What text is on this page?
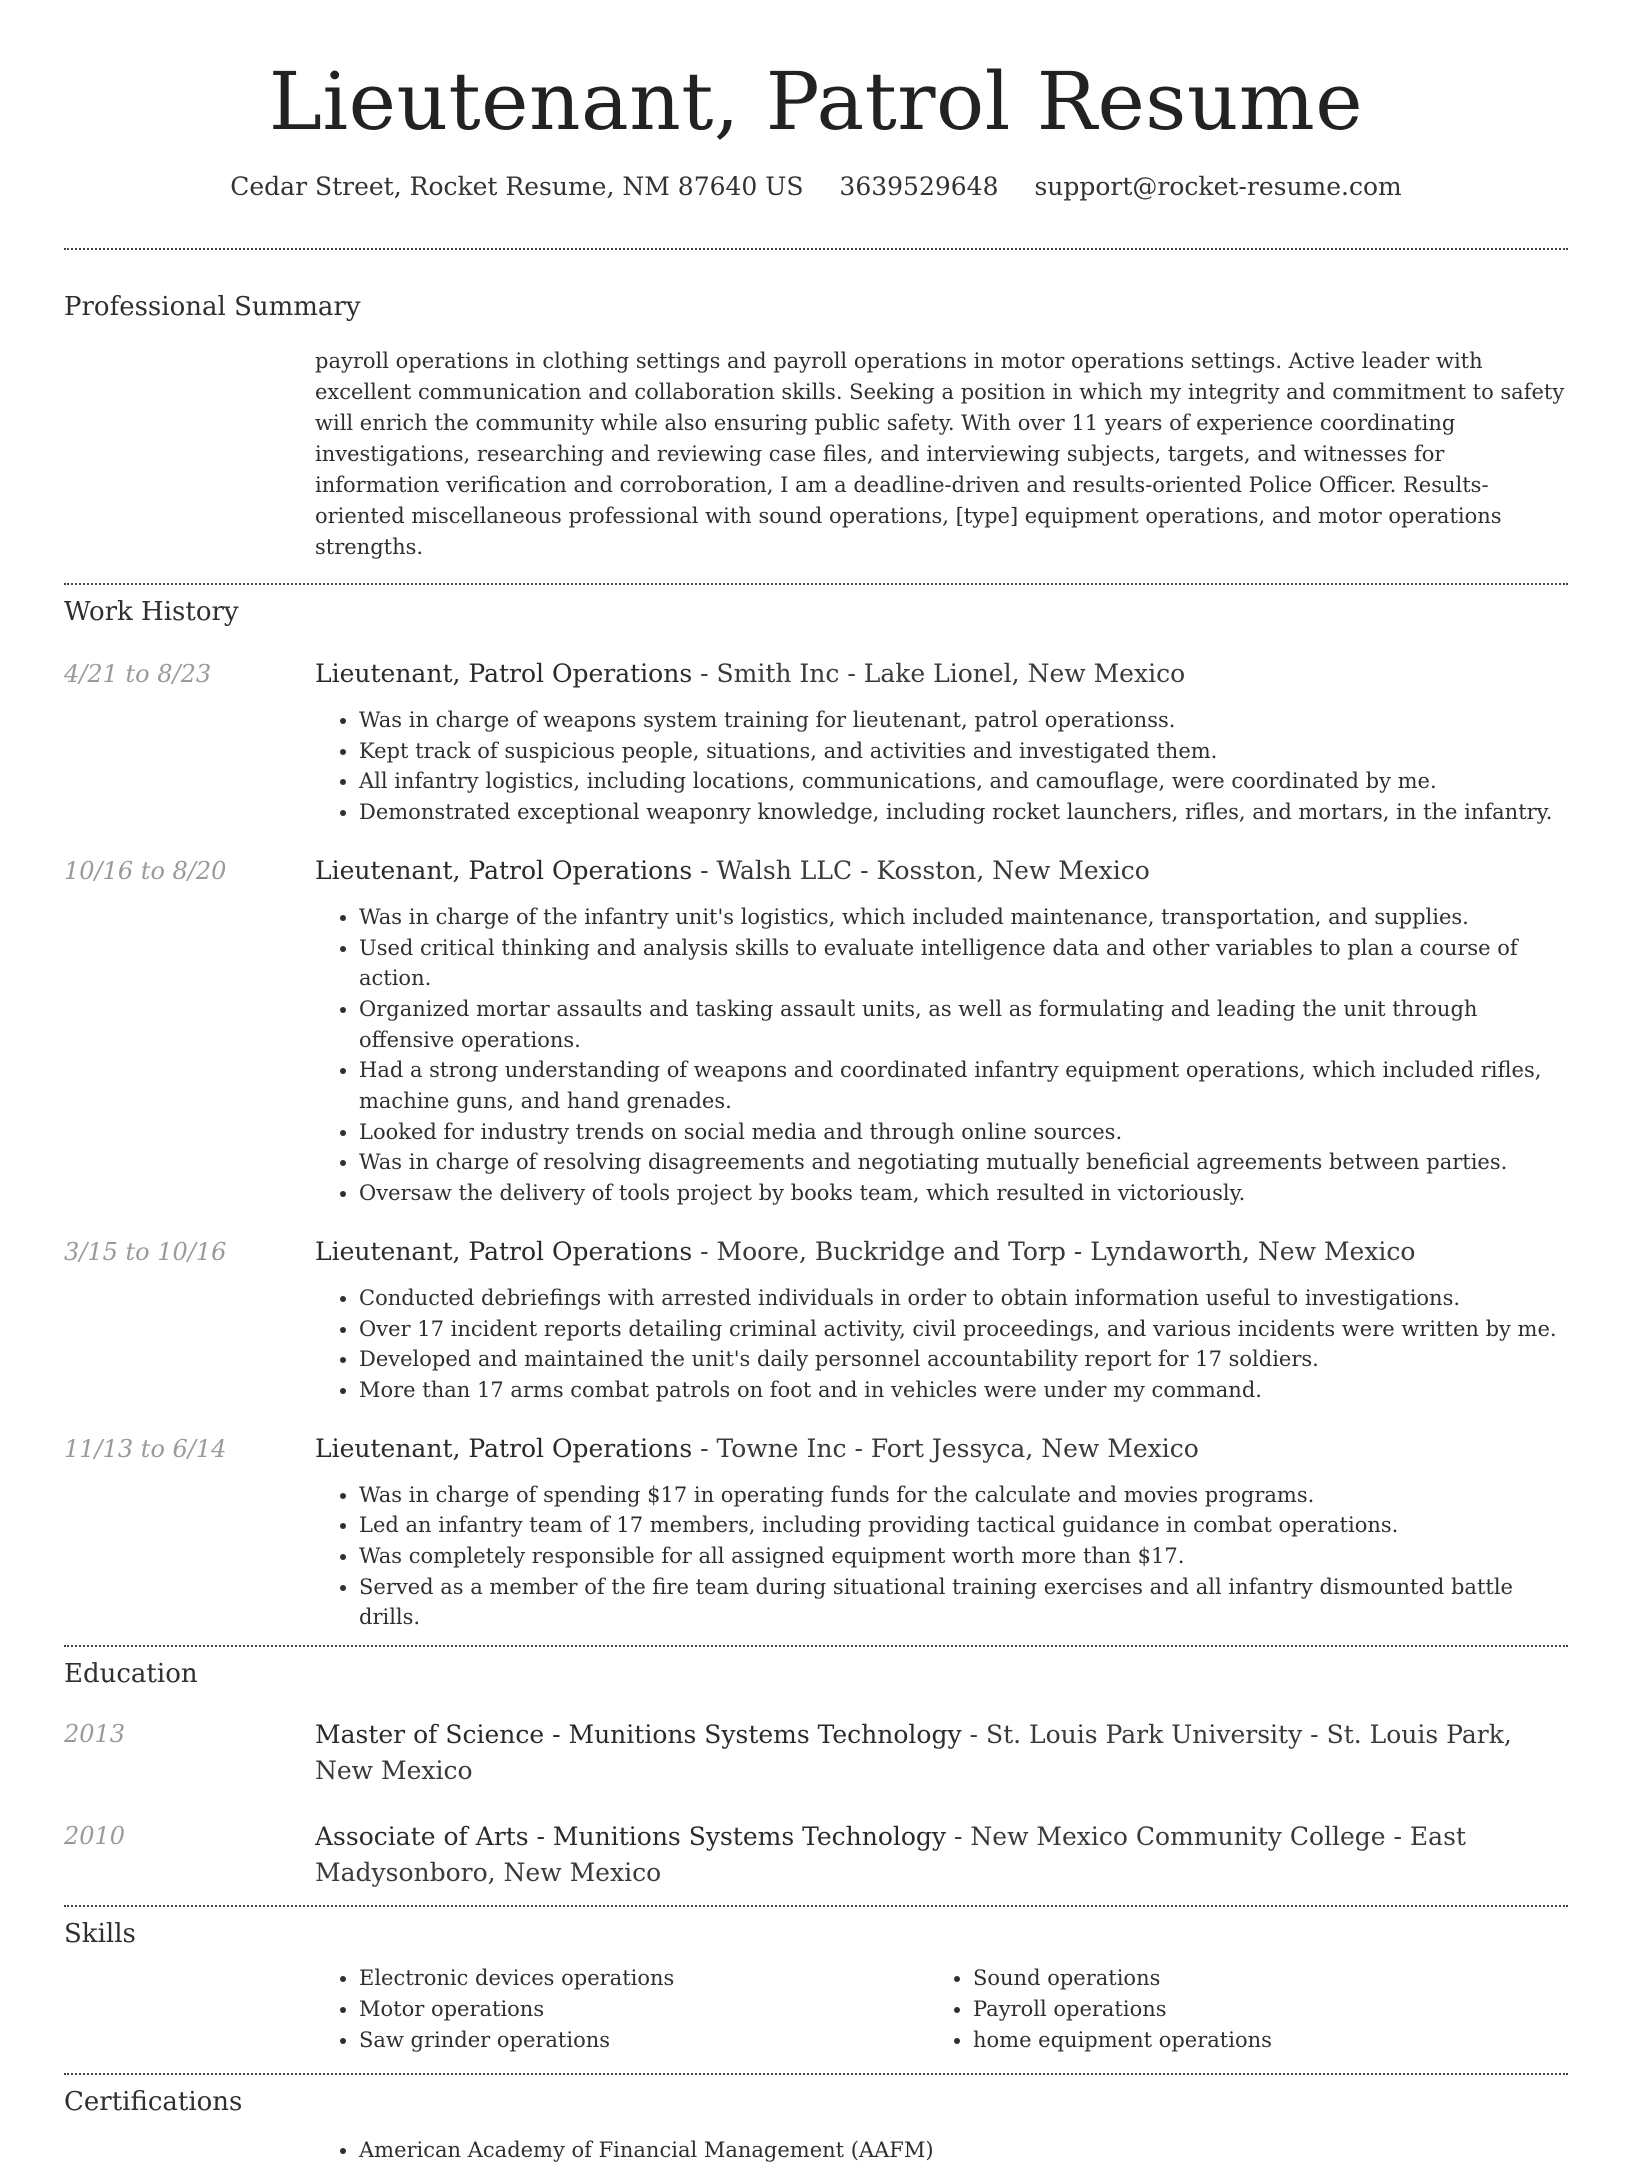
Lieutenant, Patrol Resume
Cedar Street, Rocket Resume, NM 87640 US 3639529648 support@rocket-resume.com
Professional Summary

payroll operations in clothing settings and payroll operations in motor operations settings. Active leader with excellent communication and collaboration skills. Seeking a position in which my integrity and commitment to safety will enrich the community while also ensuring public safety. With over 11 years of experience coordinating investigations, researching and reviewing case files, and interviewing subjects, targets, and witnesses for information verification and corroboration, I am a deadline-driven and results-oriented Police Officer. Results-oriented miscellaneous professional with sound operations, [type] equipment operations, and motor operations strengths.

Work History
4/21 to 8/23	Lieutenant, Patrol Operations - Smith Inc - Lake Lionel, New Mexico
• Was in charge of weapons system training for lieutenant, patrol operationss.
• Kept track of suspicious people, situations, and activities and investigated them.
• All infantry logistics, including locations, communications, and camouflage, were coordinated by me.
• Demonstrated exceptional weaponry knowledge, including rocket launchers, rifles, and mortars, in the infantry.
10/16 to 8/20	Lieutenant, Patrol Operations - Walsh LLC - Kosston, New Mexico
• Was in charge of the infantry unit's logistics, which included maintenance, transportation, and supplies.
• Used critical thinking and analysis skills to evaluate intelligence data and other variables to plan a course of action.
• Organized mortar assaults and tasking assault units, as well as formulating and leading the unit through offensive operations.
• Had a strong understanding of weapons and coordinated infantry equipment operations, which included rifles, machine guns, and hand grenades.
• Looked for industry trends on social media and through online sources.
• Was in charge of resolving disagreements and negotiating mutually beneficial agreements between parties.
• Oversaw the delivery of tools project by books team, which resulted in victoriously.
3/15 to 10/16	Lieutenant, Patrol Operations - Moore, Buckridge and Torp - Lyndaworth, New Mexico
• Conducted debriefings with arrested individuals in order to obtain information useful to investigations.
• Over 17 incident reports detailing criminal activity, civil proceedings, and various incidents were written by me.
• Developed and maintained the unit's daily personnel accountability report for 17 soldiers.
• More than 17 arms combat patrols on foot and in vehicles were under my command.
11/13 to 6/14	Lieutenant, Patrol Operations - Towne Inc - Fort Jessyca, New Mexico
• Was in charge of spending $17 in operating funds for the calculate and movies programs.
• Led an infantry team of 17 members, including providing tactical guidance in combat operations.
• Was completely responsible for all assigned equipment worth more than $17.
• Served as a member of the fire team during situational training exercises and all infantry dismounted battle drills.
Education
2013	Master of Science - Munitions Systems Technology - St. Louis Park University - St. Louis Park, New Mexico
2010	Associate of Arts - Munitions Systems Technology - New Mexico Community College - East Madysonboro, New Mexico
Skills
• Electronic devices operations
• Motor operations
• Saw grinder operations
• Sound operations
• Payroll operations
• home equipment operations
Certifications
• American Academy of Financial Management (AAFM)
